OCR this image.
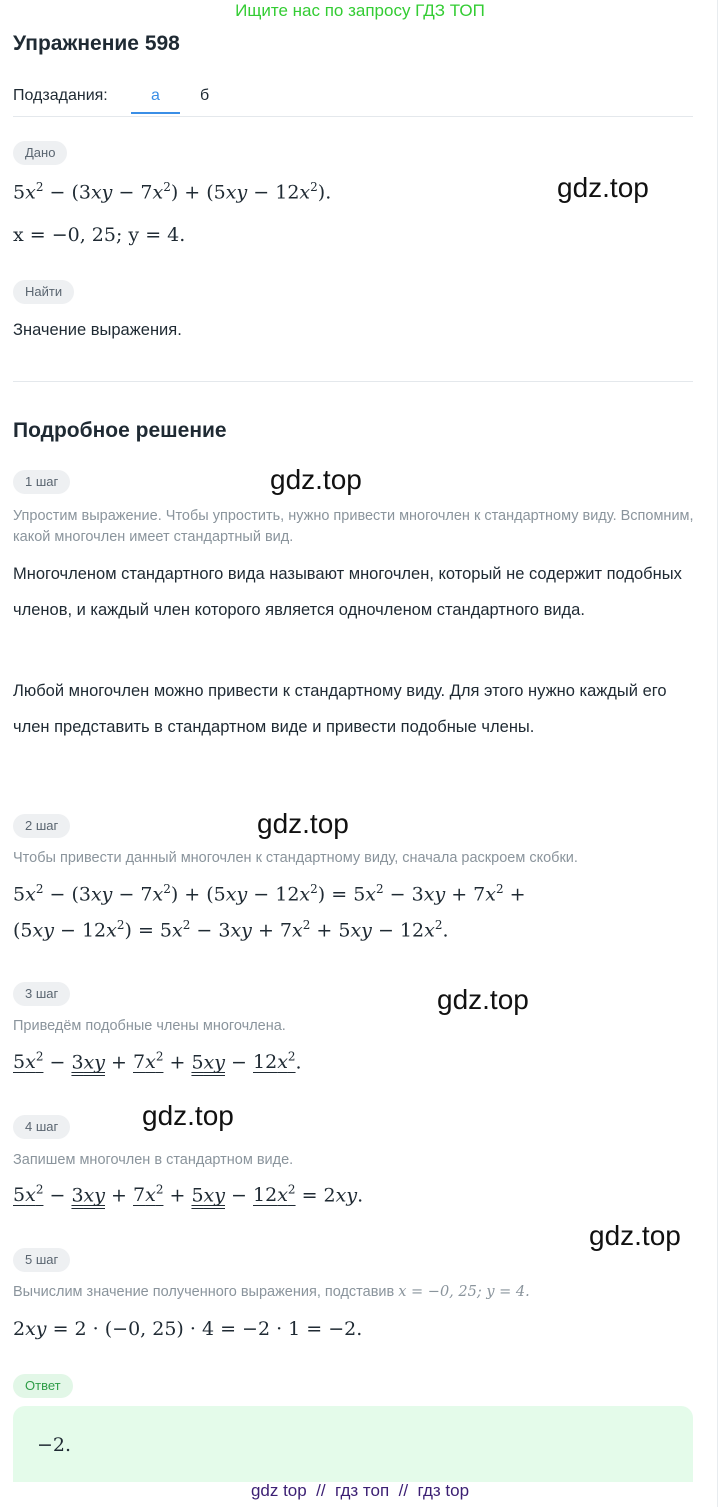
Ищите нас по запросу ГДЗ ТОП
Упражнение 598
Подзадания:	а	б
Дано
$5x^2 - (3xy - 7x^2) + (5xy - 12x^2)$.
x = −0, 25; y = 4.
Найти
Значение выражения.
Подробное решение
1 шаг
Упростим выражение. Чтобы упростить, нужно привести многочлен к стандартному виду. Вспомним, какой многочлен имеет стандартный вид.
Многочленом стандартного вида называют многочлен, который не содержит подобных членов, и каждый член которого является одночленом стандартного вида.
Любой многочлен можно привести к стандартному виду. Для этого нужно каждый его член представить в стандартном виде и привести подобные члены.
2 шаг
Чтобы привести данный многочлен к стандартному виду, сначала раскроем скобки.
$5x^2 - (3xy - 7x^2) + (5xy - 12x^2) = 5x^2 - 3xy + 7x^2$ +
$(5xy - 12x^2) = 5x^2 - 3xy + 7x^2 + 5xy - 12x^2$.
3 шаг
Приведём подобные члены многочлена.
$5x^2 - 3xy + 7x^2 + 5xy - 12x^2$.
4 шаг
Запишем многочлен в стандартном виде.
$5x^2 - 3xy + 7x^2 + 5xy - 12x^2 = 2xy$.
5 шаг
Вычислим значение полученного выражения, подставив x = −0, 25; y = 4.
2xy = 2 · (−0, 25) · 4 = −2 · 1 = −2.
Ответ
−2.
gdz.top
gdz.top
gdz.top
gdz.top
gdz.top
gdz.top
gdz top  //  гдз топ  //  гдз top
